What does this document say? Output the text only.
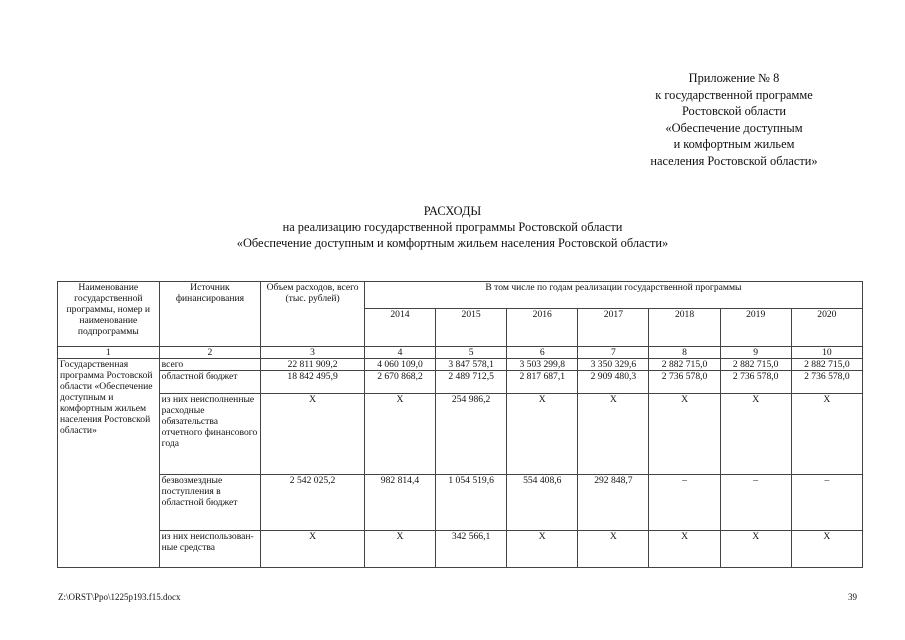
Приложение № 8
к государственной программе
Ростовской области
«Обеспечение доступным
и комфортным жильем
населения Ростовской области»
РАСХОДЫ
на реализацию государственной программы Ростовской области
«Обеспечение доступным и комфортным жильем населения Ростовской области»
Наименование государственной программы, номер и наименование подпрограммы	Источник финансирования	Объем расходов, всего (тыс. рублей)	В том числе по годам реализации государственной программы						
			2014	2015	2016	2017	2018	2019	2020
1	2	3	4	5	6	7	8	9	10
Государственная программа Ростовской области «Обеспечение доступным и комфортным жильем населения Ростовской области»	всего	22 811 909,2	4 060 109,0	3 847 578,1	3 503 299,8	3 350 329,6	2 882 715,0	2 882 715,0	2 882 715,0
	областной бюджет	18 842 495,9	2 670 868,2	2 489 712,5	2 817 687,1	2 909 480,3	2 736 578,0	2 736 578,0	2 736 578,0
	из них неисполненные расходные обязательства отчетного финансового года	X	X	254 986,2	X	X	X	X	X
	безвозмездные поступления в областной бюджет	2 542 025,2	982 814,4	1 054 519,6	554 408,6	292 848,7	–	–	–
	из них неиспользован-ные средства	X	X	342 566,1	X	X	X	X	X
Z:\ORST\Ppo\1225p193.f15.docx	39
